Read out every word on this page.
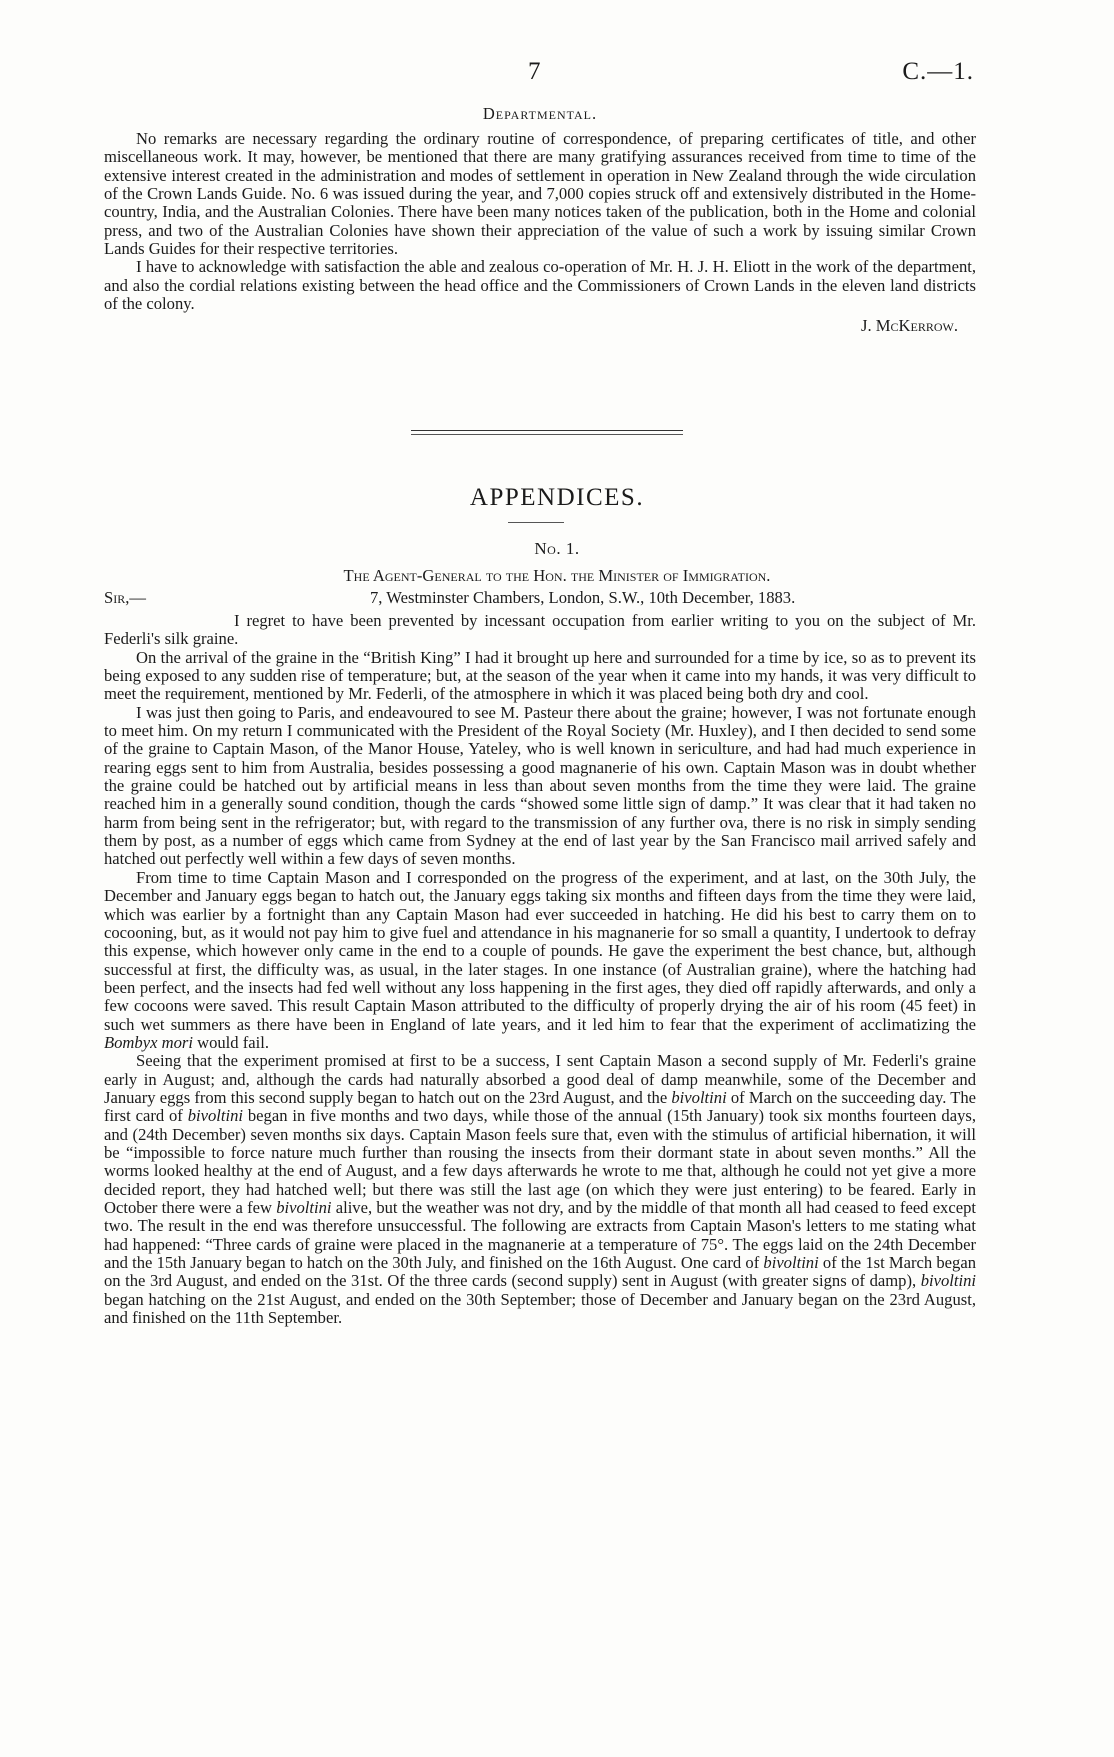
7	C.—1.
Departmental.

No remarks are necessary regarding the ordinary routine of correspondence, of preparing certificates of title, and other miscellaneous work. It may, however, be mentioned that there are many gratifying assurances received from time to time of the extensive interest created in the administration and modes of settlement in operation in New Zealand through the wide circulation of the Crown Lands Guide. No. 6 was issued during the year, and 7,000 copies struck off and extensively distributed in the Home-country, India, and the Australian Colonies. There have been many notices taken of the publication, both in the Home and colonial press, and two of the Australian Colonies have shown their appreciation of the value of such a work by issuing similar Crown Lands Guides for their respective territories.

I have to acknowledge with satisfaction the able and zealous co-operation of Mr. H. J. H. Eliott in the work of the department, and also the cordial relations existing between the head office and the Commissioners of Crown Lands in the eleven land districts of the colony.

J. McKerrow.
APPENDICES.
No. 1.
The Agent-General to the Hon. the Minister of Immigration.
Sir,—	7, Westminster Chambers, London, S.W., 10th December, 1883.

I regret to have been prevented by incessant occupation from earlier writing to you on the subject of Mr. Federli's silk graine.

On the arrival of the graine in the “British King” I had it brought up here and surrounded for a time by ice, so as to prevent its being exposed to any sudden rise of temperature; but, at the season of the year when it came into my hands, it was very difficult to meet the requirement, mentioned by Mr. Federli, of the atmosphere in which it was placed being both dry and cool.

I was just then going to Paris, and endeavoured to see M. Pasteur there about the graine; however, I was not fortunate enough to meet him. On my return I communicated with the President of the Royal Society (Mr. Huxley), and I then decided to send some of the graine to Captain Mason, of the Manor House, Yateley, who is well known in sericulture, and had had much experience in rearing eggs sent to him from Australia, besides possessing a good magnanerie of his own. Captain Mason was in doubt whether the graine could be hatched out by artificial means in less than about seven months from the time they were laid. The graine reached him in a generally sound condition, though the cards “showed some little sign of damp.” It was clear that it had taken no harm from being sent in the refrigerator; but, with regard to the transmission of any further ova, there is no risk in simply sending them by post, as a number of eggs which came from Sydney at the end of last year by the San Francisco mail arrived safely and hatched out perfectly well within a few days of seven months.

From time to time Captain Mason and I corresponded on the progress of the experiment, and at last, on the 30th July, the December and January eggs began to hatch out, the January eggs taking six months and fifteen days from the time they were laid, which was earlier by a fortnight than any Captain Mason had ever succeeded in hatching. He did his best to carry them on to cocooning, but, as it would not pay him to give fuel and attendance in his magnanerie for so small a quantity, I undertook to defray this expense, which however only came in the end to a couple of pounds. He gave the experiment the best chance, but, although successful at first, the difficulty was, as usual, in the later stages. In one instance (of Australian graine), where the hatching had been perfect, and the insects had fed well without any loss happening in the first ages, they died off rapidly afterwards, and only a few cocoons were saved. This result Captain Mason attributed to the difficulty of properly drying the air of his room (45 feet) in such wet summers as there have been in England of late years, and it led him to fear that the experiment of acclimatizing the Bombyx mori would fail.

Seeing that the experiment promised at first to be a success, I sent Captain Mason a second supply of Mr. Federli's graine early in August; and, although the cards had naturally absorbed a good deal of damp meanwhile, some of the December and January eggs from this second supply began to hatch out on the 23rd August, and the bivoltini of March on the succeeding day. The first card of bivoltini began in five months and two days, while those of the annual (15th January) took six months fourteen days, and (24th December) seven months six days. Captain Mason feels sure that, even with the stimulus of artificial hibernation, it will be “impossible to force nature much further than rousing the insects from their dormant state in about seven months.” All the worms looked healthy at the end of August, and a few days afterwards he wrote to me that, although he could not yet give a more decided report, they had hatched well; but there was still the last age (on which they were just entering) to be feared. Early in October there were a few bivoltini alive, but the weather was not dry, and by the middle of that month all had ceased to feed except two. The result in the end was therefore unsuccessful. The following are extracts from Captain Mason's letters to me stating what had happened: “Three cards of graine were placed in the magnanerie at a temperature of 75°. The eggs laid on the 24th December and the 15th January began to hatch on the 30th July, and finished on the 16th August. One card of bivoltini of the 1st March began on the 3rd August, and ended on the 31st. Of the three cards (second supply) sent in August (with greater signs of damp), bivoltini began hatching on the 21st August, and ended on the 30th September; those of December and January began on the 23rd August, and finished on the 11th September.
